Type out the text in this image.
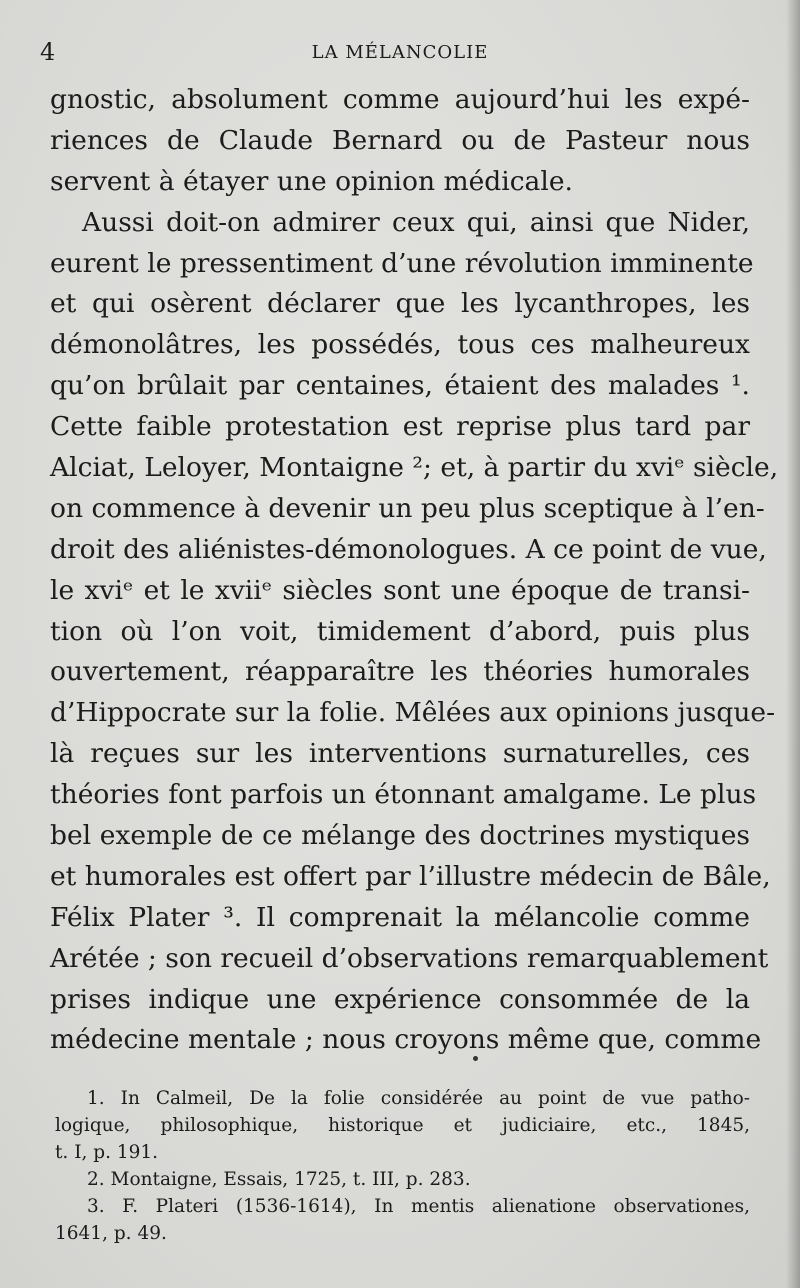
4	LA MÉLANCOLIE
gnostic, absolument comme aujourd’hui les expé-
riences de Claude Bernard ou de Pasteur nous
servent à étayer une opinion médicale.
Aussi doit-on admirer ceux qui, ainsi que Nider,
eurent le pressentiment d’une révolution imminente
et qui osèrent déclarer que les lycanthropes, les
démonolâtres, les possédés, tous ces malheureux
qu’on brûlait par centaines, étaient des malades ¹.
Cette faible protestation est reprise plus tard par
Alciat, Leloyer, Montaigne ²; et, à partir du xviᵉ siècle,
on commence à devenir un peu plus sceptique à l’en-
droit des aliénistes-démonologues. A ce point de vue,
le xviᵉ et le xviiᵉ siècles sont une époque de transi-
tion où l’on voit, timidement d’abord, puis plus
ouvertement, réapparaître les théories humorales
d’Hippocrate sur la folie. Mêlées aux opinions jusque-
là reçues sur les interventions surnaturelles, ces
théories font parfois un étonnant amalgame. Le plus
bel exemple de ce mélange des doctrines mystiques
et humorales est offert par l’illustre médecin de Bâle,
Félix Plater ³. Il comprenait la mélancolie comme
Arétée ; son recueil d’observations remarquablement
prises indique une expérience consommée de la
médecine mentale ; nous croyons même que, comme
1. In Calmeil, De la folie considérée au point de vue patho-
logique, philosophique, historique et judiciaire, etc., 1845,
t. I, p. 191.
2. Montaigne, Essais, 1725, t. III, p. 283.
3. F. Plateri (1536-1614), In mentis alienatione observationes,
1641, p. 49.
